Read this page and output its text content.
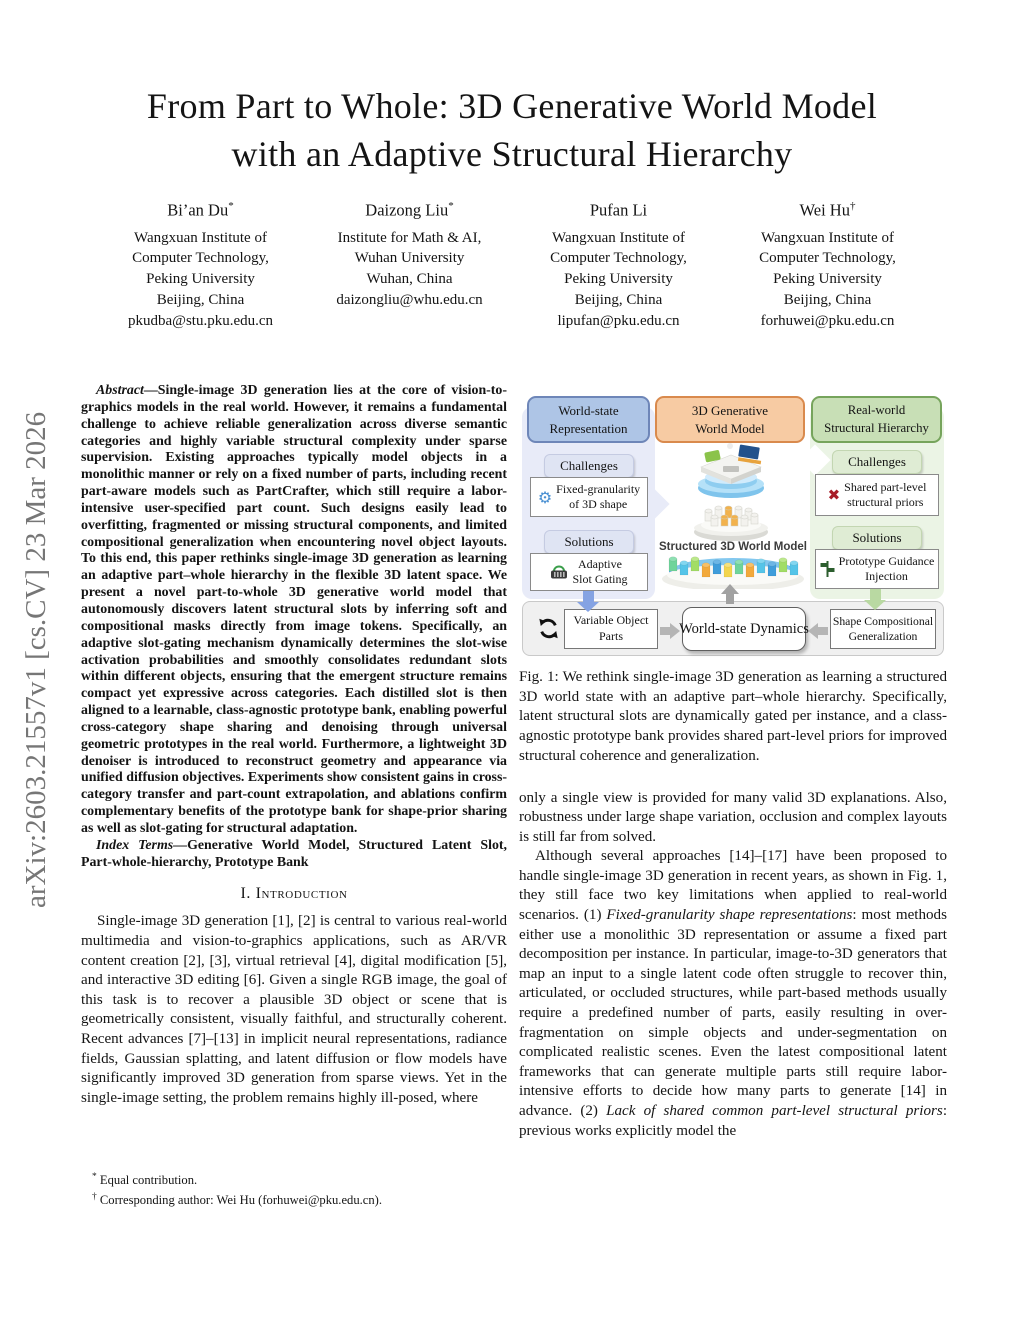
arXiv:2603.21557v1 [cs.CV] 23 Mar 2026
From Part to Whole: 3D Generative World Model
with an Adaptive Structural Hierarchy
Bi’an Du*
Wangxuan Institute of
Computer Technology,
Peking University
Beijing, China
pkudba@stu.pku.edu.cn
Daizong Liu*
Institute for Math & AI,
Wuhan University
Wuhan, China
daizongliu@whu.edu.cn
Pufan Li
Wangxuan Institute of
Computer Technology,
Peking University
Beijing, China
lipufan@pku.edu.cn
Wei Hu†
Wangxuan Institute of
Computer Technology,
Peking University
Beijing, China
forhuwei@pku.edu.cn

Abstract—Single-image 3D generation lies at the core of vision-to-graphics models in the real world. However, it remains a fundamental challenge to achieve reliable generalization across diverse semantic categories and highly variable structural complexity under sparse supervision. Existing approaches typically model objects in a monolithic manner or rely on a fixed number of parts, including recent part-aware models such as PartCrafter, which still require a labor-intensive user-specified part count. Such designs easily lead to overfitting, fragmented or missing structural components, and limited compositional generalization when encountering novel object layouts. To this end, this paper rethinks single-image 3D generation as learning an adaptive part–whole hierarchy in the flexible 3D latent space. We present a novel part-to-whole 3D generative world model that autonomously discovers latent structural slots by inferring soft and compositional masks directly from image tokens. Specifically, an adaptive slot-gating mechanism dynamically determines the slot-wise activation probabilities and smoothly consolidates redundant slots within different objects, ensuring that the emergent structure remains compact yet expressive across categories. Each distilled slot is then aligned to a learnable, class-agnostic prototype bank, enabling powerful cross-category shape sharing and denoising through universal geometric prototypes in the real world. Furthermore, a lightweight 3D denoiser is introduced to reconstruct geometry and appearance via unified diffusion objectives. Experiments show consistent gains in cross-category transfer and part-count extrapolation, and ablations confirm complementary benefits of the prototype bank for shape-prior sharing as well as slot-gating for structural adaptation.

Index Terms—Generative World Model, Structured Latent Slot, Part-whole-hierarchy, Prototype Bank

I. Introduction

Single-image 3D generation [1], [2] is central to various real-world multimedia and vision-to-graphics applications, such as AR/VR content creation [2], [3], virtual retrieval [4], digital modification [5], and interactive 3D editing [6]. Given a single RGB image, the goal of this task is to recover a plausible 3D object or scene that is geometrically consistent, visually faithful, and structurally coherent. Recent advances [7]–[13] in implicit neural representations, radiance fields, Gaussian splatting, and latent diffusion or flow models have significantly improved 3D generation from sparse views. Yet in the single-image setting, the problem remains highly ill-posed, where

* Equal contribution.
† Corresponding author: Wei Hu (forhuwei@pku.edu.cn).
World-state
Representation
3D Generative
World Model
Real-world
Structural Hierarchy
Challenges
⚙ Fixed-granularity
of 3D shape
Solutions
Adaptive
Slot Gating
Challenges
✖ Shared part-level
structural priors
Solutions
Prototype Guidance
Injection
Structured 3D World Model
Variable Object
Parts	World-state Dynamics Shape Compositional
Generalization

Fig. 1: We rethink single-image 3D generation as learning a structured 3D world state with an adaptive part–whole hierarchy. Specifically, latent structural slots are dynamically gated per instance, and a class-agnostic prototype bank provides shared part-level priors for improved structural coherence and generalization.

only a single view is provided for many valid 3D explanations. Also, robustness under large shape variation, occlusion and complex layouts is still far from solved.

Although several approaches [14]–[17] have been proposed to handle single-image 3D generation in recent years, as shown in Fig. 1, they still face two key limitations when applied to real-world scenarios. (1) Fixed-granularity shape representations: most methods either use a monolithic 3D representation or assume a fixed part decomposition per instance. In particular, image-to-3D generators that map an input to a single latent code often struggle to recover thin, articulated, or occluded structures, while part-based methods usually require a predefined number of parts, easily resulting in over-fragmentation on simple objects and under-segmentation on complicated realistic scenes. Even the latest compositional latent frameworks that can generate multiple parts still require labor-intensive efforts to decide how many parts to generate [14] in advance. (2) Lack of shared common part-level structural priors: previous works explicitly model the
